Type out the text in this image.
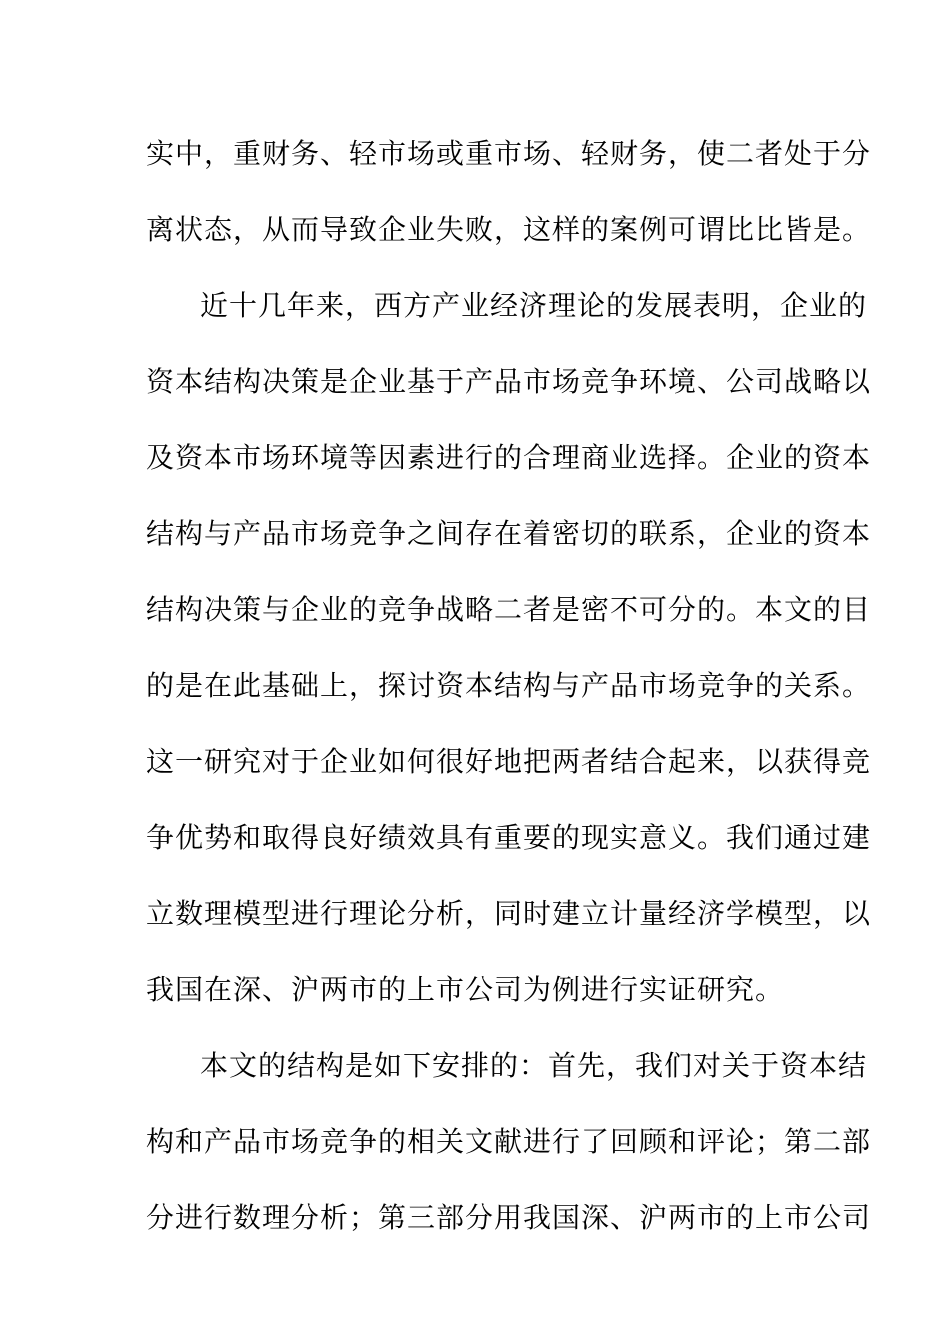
实中，重财务、轻市场或重市场、轻财务，使二者处于分
离状态，从而导致企业失败，这样的案例可谓比比皆是。
近十几年来，西方产业经济理论的发展表明，企业的
资本结构决策是企业基于产品市场竞争环境、公司战略以
及资本市场环境等因素进行的合理商业选择。企业的资本
结构与产品市场竞争之间存在着密切的联系，企业的资本
结构决策与企业的竞争战略二者是密不可分的。本文的目
的是在此基础上，探讨资本结构与产品市场竞争的关系。
这一研究对于企业如何很好地把两者结合起来，以获得竞
争优势和取得良好绩效具有重要的现实意义。我们通过建
立数理模型进行理论分析，同时建立计量经济学模型，以
我国在深、沪两市的上市公司为例进行实证研究。
本文的结构是如下安排的：首先，我们对关于资本结
构和产品市场竞争的相关文献进行了回顾和评论；第二部
分进行数理分析；第三部分用我国深、沪两市的上市公司
